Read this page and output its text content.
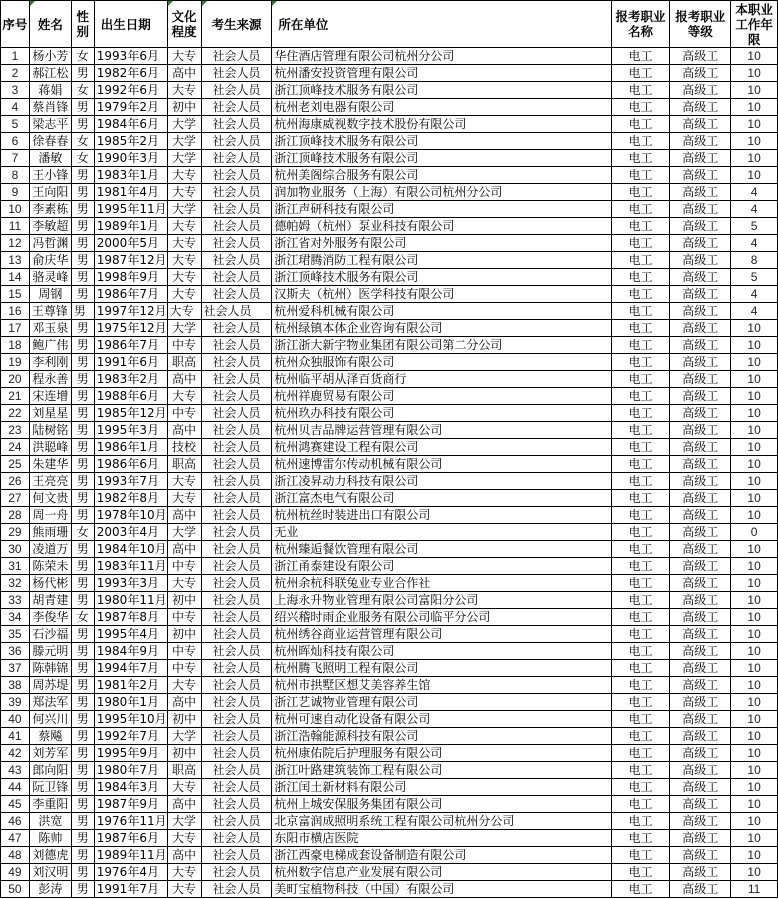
序号	姓名	性别	出生日期	文化程度	考生来源	所在单位	报考职业名称	报考职业等级	本职业工作年限
1	杨小芳	女	1993年6月	大专	社会人员	华住酒店管理有限公司杭州分公司	电工	高级工	10
2	郝江松	男	1982年6月	高中	社会人员	杭州潘安投资管理有限公司	电工	高级工	10
3	蒋娟	女	1992年6月	大专	社会人员	浙江顶峰技术服务有限公司	电工	高级工	10
4	蔡肖锋	男	1979年2月	初中	社会人员	杭州老刘电器有限公司	电工	高级工	10
5	梁志平	男	1984年6月	大学	社会人员	杭州海康威视数字技术股份有限公司	电工	高级工	10
6	徐春春	女	1985年2月	大学	社会人员	浙江顶峰技术服务有限公司	电工	高级工	10
7	潘敏	女	1990年3月	大学	社会人员	浙江顶峰技术服务有限公司	电工	高级工	10
8	王小锋	男	1983年1月	大专	社会人员	杭州美阁综合服务有限公司	电工	高级工	10
9	王向阳	男	1981年4月	大专	社会人员	润加物业服务（上海）有限公司杭州分公司	电工	高级工	4
10	李素栋	男	1995年11月	大学	社会人员	浙江声研科技有限公司	电工	高级工	4
11	李敏超	男	1989年1月	大专	社会人员	德帕姆（杭州）泵业科技有限公司	电工	高级工	5
12	冯哲渊	男	2000年5月	大专	社会人员	浙江省对外服务有限公司	电工	高级工	4
13	俞庆华	男	1987年12月	大专	社会人员	浙江珺腾消防工程有限公司	电工	高级工	8
14	骆灵峰	男	1998年9月	大专	社会人员	浙江顶峰技术服务有限公司	电工	高级工	5
15	周钢	男	1986年7月	大专	社会人员	汉斯夫（杭州）医学科技有限公司	电工	高级工	4
16	王尊锋	男	1997年12月	大专	社会人员	杭州爱科机械有限公司	电工	高级工	4
17	邓玉泉	男	1975年12月	大学	社会人员	杭州绿镇本体企业咨询有限公司	电工	高级工	10
18	鲍广伟	男	1986年7月	中专	社会人员	浙江浙大新宇物业集团有限公司第二分公司	电工	高级工	10
19	李利刚	男	1991年6月	职高	社会人员	杭州众独服饰有限公司	电工	高级工	10
20	程永善	男	1983年2月	高中	社会人员	杭州临平胡从泽百货商行	电工	高级工	10
21	宋连增	男	1988年6月	大专	社会人员	杭州祥鹿贸易有限公司	电工	高级工	10
22	刘星星	男	1985年12月	中专	社会人员	杭州玖办科技有限公司	电工	高级工	10
23	陆树铭	男	1995年3月	高中	社会人员	杭州贝吉品牌运营管理有限公司	电工	高级工	10
24	洪聪峰	男	1986年1月	技校	社会人员	杭州鸿赛建设工程有限公司	电工	高级工	10
25	朱建华	男	1986年6月	职高	社会人员	杭州速博雷尔传动机械有限公司	电工	高级工	10
26	王亮亮	男	1993年7月	大专	社会人员	浙江凌昇动力科技有限公司	电工	高级工	10
27	何文贵	男	1982年8月	大专	社会人员	浙江富杰电气有限公司	电工	高级工	10
28	周一舟	男	1978年10月	高中	社会人员	杭州杭丝时装进出口有限公司	电工	高级工	10
29	熊雨珊	女	2003年4月	大学	社会人员	无业	电工	高级工	0
30	凌道万	男	1984年10月	高中	社会人员	杭州臻逅餐饮管理有限公司	电工	高级工	10
31	陈荣未	男	1983年11月	中专	社会人员	浙江甬泰建设有限公司	电工	高级工	10
32	杨代彬	男	1993年3月	大专	社会人员	杭州余杭科联兔业专业合作社	电工	高级工	10
33	胡青建	男	1980年11月	初中	社会人员	上海永升物业管理有限公司富阳分公司	电工	高级工	10
34	李俊华	女	1987年8月	中专	社会人员	绍兴稽时雨企业服务有限公司临平分公司	电工	高级工	10
35	石沙福	男	1995年4月	初中	社会人员	杭州绣谷商业运营管理有限公司	电工	高级工	10
36	滕元明	男	1984年9月	中专	社会人员	杭州晖灿科技有限公司	电工	高级工	10
37	陈韩锦	男	1994年7月	中专	社会人员	杭州腾飞照明工程有限公司	电工	高级工	10
38	周苏堤	男	1981年2月	大专	社会人员	杭州市拱墅区想艾美容养生馆	电工	高级工	10
39	郑法军	男	1980年1月	高中	社会人员	浙江艺诚物业管理有限公司	电工	高级工	10
40	何兴川	男	1995年10月	初中	社会人员	杭州可速自动化设备有限公司	电工	高级工	10
41	蔡飚	男	1992年7月	大学	社会人员	浙江浩翰能源科技有限公司	电工	高级工	10
42	刘芳军	男	1995年9月	初中	社会人员	杭州康佑院后护理服务有限公司	电工	高级工	10
43	郎向阳	男	1980年7月	职高	社会人员	浙江叶路建筑装饰工程有限公司	电工	高级工	10
44	阮卫锋	男	1984年3月	大专	社会人员	浙江闰土新材料有限公司	电工	高级工	10
45	李重阳	男	1987年9月	高中	社会人员	杭州上城安保服务集团有限公司	电工	高级工	10
46	洪宽	男	1976年11月	大学	社会人员	北京富润成照明系统工程有限公司杭州分公司	电工	高级工	10
47	陈帅	男	1987年6月	大专	社会人员	东阳市横店医院	电工	高级工	10
48	刘德虎	男	1989年11月	高中	社会人员	浙江西豪电梯成套设备制造有限公司	电工	高级工	10
49	刘汉明	男	1976年4月	大专	社会人员	杭州数字信息产业发展有限公司	电工	高级工	10
50	彭涛	男	1991年7月	大专	社会人员	美町宝植物科技（中国）有限公司	电工	高级工	11
